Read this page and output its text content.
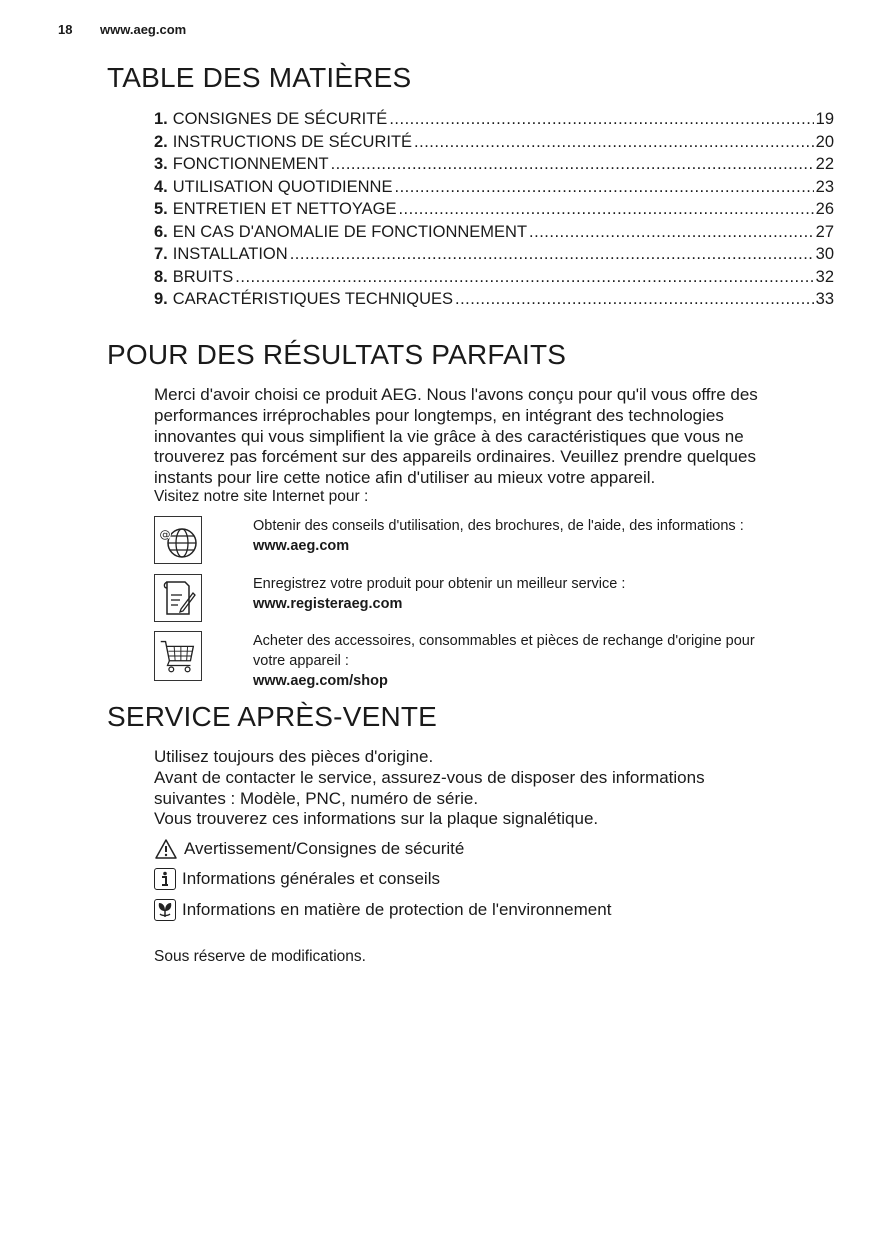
18 www.aeg.com
TABLE DES MATIÈRES
1. CONSIGNES DE SÉCURITÉ .....	19
2. INSTRUCTIONS DE SÉCURITÉ .....	20
3. FONCTIONNEMENT .....	22
4. UTILISATION QUOTIDIENNE .....	23
5. ENTRETIEN ET NETTOYAGE .....	26
6. EN CAS D'ANOMALIE DE FONCTIONNEMENT .....	27
7. INSTALLATION .....	30
8. BRUITS .....	32
9. CARACTÉRISTIQUES TECHNIQUES .....	33
POUR DES RÉSULTATS PARFAITS
Merci d'avoir choisi ce produit AEG. Nous l'avons conçu pour qu'il vous offre des
performances irréprochables pour longtemps, en intégrant des technologies
innovantes qui vous simplifient la vie grâce à des caractéristiques que vous ne
trouverez pas forcément sur des appareils ordinaires. Veuillez prendre quelques
instants pour lire cette notice afin d'utiliser au mieux votre appareil.
Visitez notre site Internet pour :
@
Obtenir des conseils d'utilisation, des brochures, de l'aide, des informations :
www.aeg.com
Enregistrez votre produit pour obtenir un meilleur service :
www.registeraeg.com
Acheter des accessoires, consommables et pièces de rechange d'origine pour
votre appareil :
www.aeg.com/shop
SERVICE APRÈS-VENTE
Utilisez toujours des pièces d'origine.
Avant de contacter le service, assurez-vous de disposer des informations
suivantes : Modèle, PNC, numéro de série.
Vous trouverez ces informations sur la plaque signalétique.
Avertissement/Consignes de sécurité
Informations générales et conseils
Informations en matière de protection de l'environnement
Sous réserve de modifications.
